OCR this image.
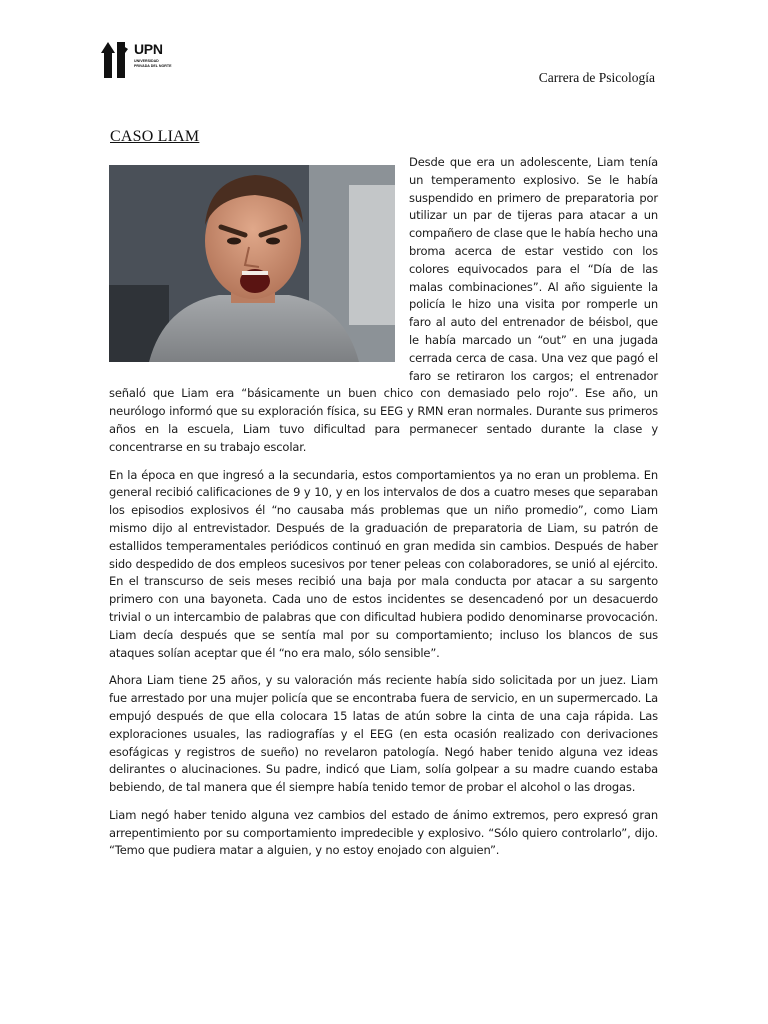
UPN
UNIVERSIDAD PRIVADA DEL NORTE
Carrera de Psicología
CASO LIAM

Desde que era un adolescente, Liam tenía un temperamento explosivo. Se le había suspendido en primero de preparatoria por utilizar un par de tijeras para atacar a un compañero de clase que le había hecho una broma acerca de estar vestido con los colores equivocados para el “Día de las malas combinaciones”. Al año siguiente la policía le hizo una visita por romperle un faro al auto del entrenador de béisbol, que le había marcado un “out” en una jugada cerrada cerca de casa. Una vez que pagó el faro se retiraron los cargos; el entrenador señaló que Liam era “básicamente un buen chico con demasiado pelo rojo”. Ese año, un neurólogo informó que su exploración física, su EEG y RMN eran normales. Durante sus primeros años en la escuela, Liam tuvo dificultad para permanecer sentado durante la clase y concentrarse en su trabajo escolar.

En la época en que ingresó a la secundaria, estos comportamientos ya no eran un problema. En general recibió calificaciones de 9 y 10, y en los intervalos de dos a cuatro meses que separaban los episodios explosivos él “no causaba más problemas que un niño promedio”, como Liam mismo dijo al entrevistador. Después de la graduación de preparatoria de Liam, su patrón de estallidos temperamentales periódicos continuó en gran medida sin cambios. Después de haber sido despedido de dos empleos sucesivos por tener peleas con colaboradores, se unió al ejército. En el transcurso de seis meses recibió una baja por mala conducta por atacar a su sargento primero con una bayoneta. Cada uno de estos incidentes se desencadenó por un desacuerdo trivial o un intercambio de palabras que con dificultad hubiera podido denominarse provocación. Liam decía después que se sentía mal por su comportamiento; incluso los blancos de sus ataques solían aceptar que él “no era malo, sólo sensible”.

Ahora Liam tiene 25 años, y su valoración más reciente había sido solicitada por un juez. Liam fue arrestado por una mujer policía que se encontraba fuera de servicio, en un supermercado. La empujó después de que ella colocara 15 latas de atún sobre la cinta de una caja rápida. Las exploraciones usuales, las radiografías y el EEG (en esta ocasión realizado con derivaciones esofágicas y registros de sueño) no revelaron patología. Negó haber tenido alguna vez ideas delirantes o alucinaciones. Su padre, indicó que Liam, solía golpear a su madre cuando estaba bebiendo, de tal manera que él siempre había tenido temor de probar el alcohol o las drogas.

Liam negó haber tenido alguna vez cambios del estado de ánimo extremos, pero expresó gran arrepentimiento por su comportamiento impredecible y explosivo. “Sólo quiero controlarlo”, dijo. “Temo que pudiera matar a alguien, y no estoy enojado con alguien”.
